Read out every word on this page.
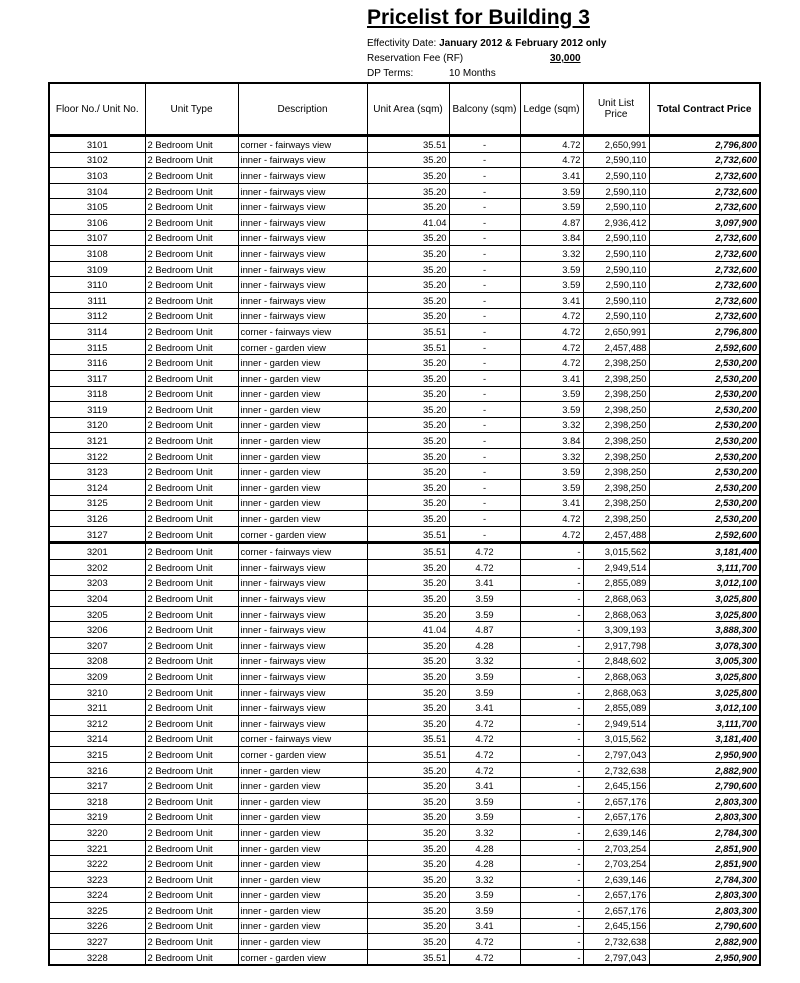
Pricelist for Building 3
Effectivity Date: January 2012 & February 2012 only
Reservation Fee (RF)	30,000
DP Terms:	10 Months
Floor No./ Unit No.	Unit Type	Description	Unit Area (sqm)	Balcony (sqm)	Ledge (sqm)	Unit List Price	Total Contract Price
3101	2 Bedroom Unit	corner - fairways view	35.51	-	4.72	2,650,991	2,796,800
3102	2 Bedroom Unit	inner - fairways view	35.20	-	4.72	2,590,110	2,732,600
3103	2 Bedroom Unit	inner - fairways view	35.20	-	3.41	2,590,110	2,732,600
3104	2 Bedroom Unit	inner - fairways view	35.20	-	3.59	2,590,110	2,732,600
3105	2 Bedroom Unit	inner - fairways view	35.20	-	3.59	2,590,110	2,732,600
3106	2 Bedroom Unit	inner - fairways view	41.04	-	4.87	2,936,412	3,097,900
3107	2 Bedroom Unit	inner - fairways view	35.20	-	3.84	2,590,110	2,732,600
3108	2 Bedroom Unit	inner - fairways view	35.20	-	3.32	2,590,110	2,732,600
3109	2 Bedroom Unit	inner - fairways view	35.20	-	3.59	2,590,110	2,732,600
3110	2 Bedroom Unit	inner - fairways view	35.20	-	3.59	2,590,110	2,732,600
3111	2 Bedroom Unit	inner - fairways view	35.20	-	3.41	2,590,110	2,732,600
3112	2 Bedroom Unit	inner - fairways view	35.20	-	4.72	2,590,110	2,732,600
3114	2 Bedroom Unit	corner - fairways view	35.51	-	4.72	2,650,991	2,796,800
3115	2 Bedroom Unit	corner - garden view	35.51	-	4.72	2,457,488	2,592,600
3116	2 Bedroom Unit	inner - garden view	35.20	-	4.72	2,398,250	2,530,200
3117	2 Bedroom Unit	inner - garden view	35.20	-	3.41	2,398,250	2,530,200
3118	2 Bedroom Unit	inner - garden view	35.20	-	3.59	2,398,250	2,530,200
3119	2 Bedroom Unit	inner - garden view	35.20	-	3.59	2,398,250	2,530,200
3120	2 Bedroom Unit	inner - garden view	35.20	-	3.32	2,398,250	2,530,200
3121	2 Bedroom Unit	inner - garden view	35.20	-	3.84	2,398,250	2,530,200
3122	2 Bedroom Unit	inner - garden view	35.20	-	3.32	2,398,250	2,530,200
3123	2 Bedroom Unit	inner - garden view	35.20	-	3.59	2,398,250	2,530,200
3124	2 Bedroom Unit	inner - garden view	35.20	-	3.59	2,398,250	2,530,200
3125	2 Bedroom Unit	inner - garden view	35.20	-	3.41	2,398,250	2,530,200
3126	2 Bedroom Unit	inner - garden view	35.20	-	4.72	2,398,250	2,530,200
3127	2 Bedroom Unit	corner - garden view	35.51	-	4.72	2,457,488	2,592,600
3201	2 Bedroom Unit	corner - fairways view	35.51	4.72	-	3,015,562	3,181,400
3202	2 Bedroom Unit	inner - fairways view	35.20	4.72	-	2,949,514	3,111,700
3203	2 Bedroom Unit	inner - fairways view	35.20	3.41	-	2,855,089	3,012,100
3204	2 Bedroom Unit	inner - fairways view	35.20	3.59	-	2,868,063	3,025,800
3205	2 Bedroom Unit	inner - fairways view	35.20	3.59	-	2,868,063	3,025,800
3206	2 Bedroom Unit	inner - fairways view	41.04	4.87	-	3,309,193	3,888,300
3207	2 Bedroom Unit	inner - fairways view	35.20	4.28	-	2,917,798	3,078,300
3208	2 Bedroom Unit	inner - fairways view	35.20	3.32	-	2,848,602	3,005,300
3209	2 Bedroom Unit	inner - fairways view	35.20	3.59	-	2,868,063	3,025,800
3210	2 Bedroom Unit	inner - fairways view	35.20	3.59	-	2,868,063	3,025,800
3211	2 Bedroom Unit	inner - fairways view	35.20	3.41	-	2,855,089	3,012,100
3212	2 Bedroom Unit	inner - fairways view	35.20	4.72	-	2,949,514	3,111,700
3214	2 Bedroom Unit	corner - fairways view	35.51	4.72	-	3,015,562	3,181,400
3215	2 Bedroom Unit	corner - garden view	35.51	4.72	-	2,797,043	2,950,900
3216	2 Bedroom Unit	inner - garden view	35.20	4.72	-	2,732,638	2,882,900
3217	2 Bedroom Unit	inner - garden view	35.20	3.41	-	2,645,156	2,790,600
3218	2 Bedroom Unit	inner - garden view	35.20	3.59	-	2,657,176	2,803,300
3219	2 Bedroom Unit	inner - garden view	35.20	3.59	-	2,657,176	2,803,300
3220	2 Bedroom Unit	inner - garden view	35.20	3.32	-	2,639,146	2,784,300
3221	2 Bedroom Unit	inner - garden view	35.20	4.28	-	2,703,254	2,851,900
3222	2 Bedroom Unit	inner - garden view	35.20	4.28	-	2,703,254	2,851,900
3223	2 Bedroom Unit	inner - garden view	35.20	3.32	-	2,639,146	2,784,300
3224	2 Bedroom Unit	inner - garden view	35.20	3.59	-	2,657,176	2,803,300
3225	2 Bedroom Unit	inner - garden view	35.20	3.59	-	2,657,176	2,803,300
3226	2 Bedroom Unit	inner - garden view	35.20	3.41	-	2,645,156	2,790,600
3227	2 Bedroom Unit	inner - garden view	35.20	4.72	-	2,732,638	2,882,900
3228	2 Bedroom Unit	corner - garden view	35.51	4.72	-	2,797,043	2,950,900
